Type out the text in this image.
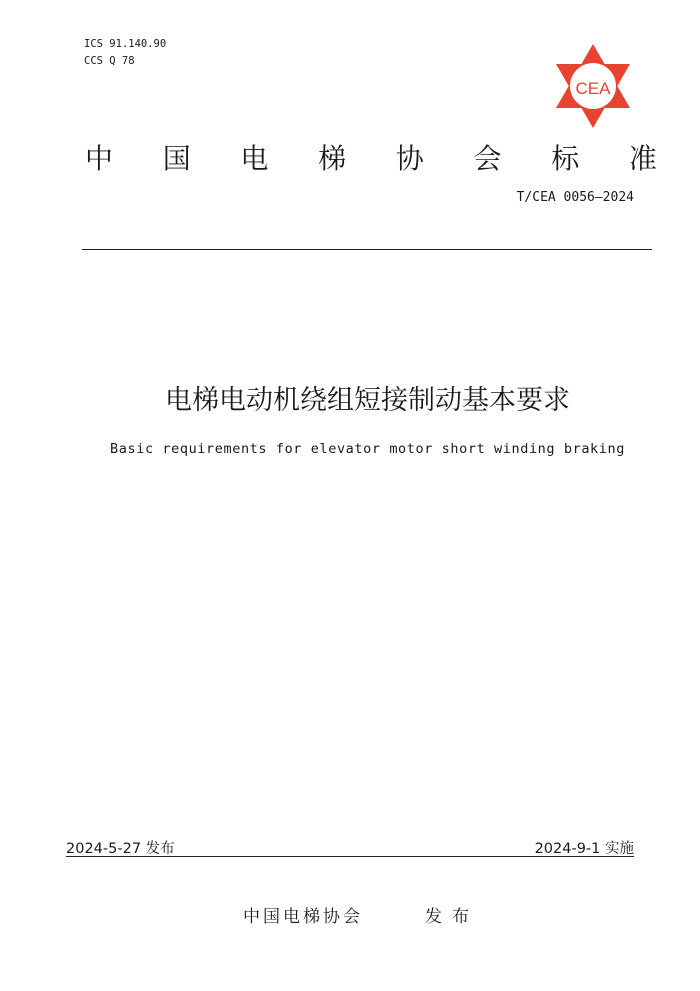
ICS 91.140.90
CCS Q 78
CEA
中 国 电 梯 协 会 标 准
T/CEA 0056—2024
电梯电动机绕组短接制动基本要求
Basic requirements for elevator motor short winding braking
2024-5-27 发布	2024-9-1 实施
中国电梯协会	发布
